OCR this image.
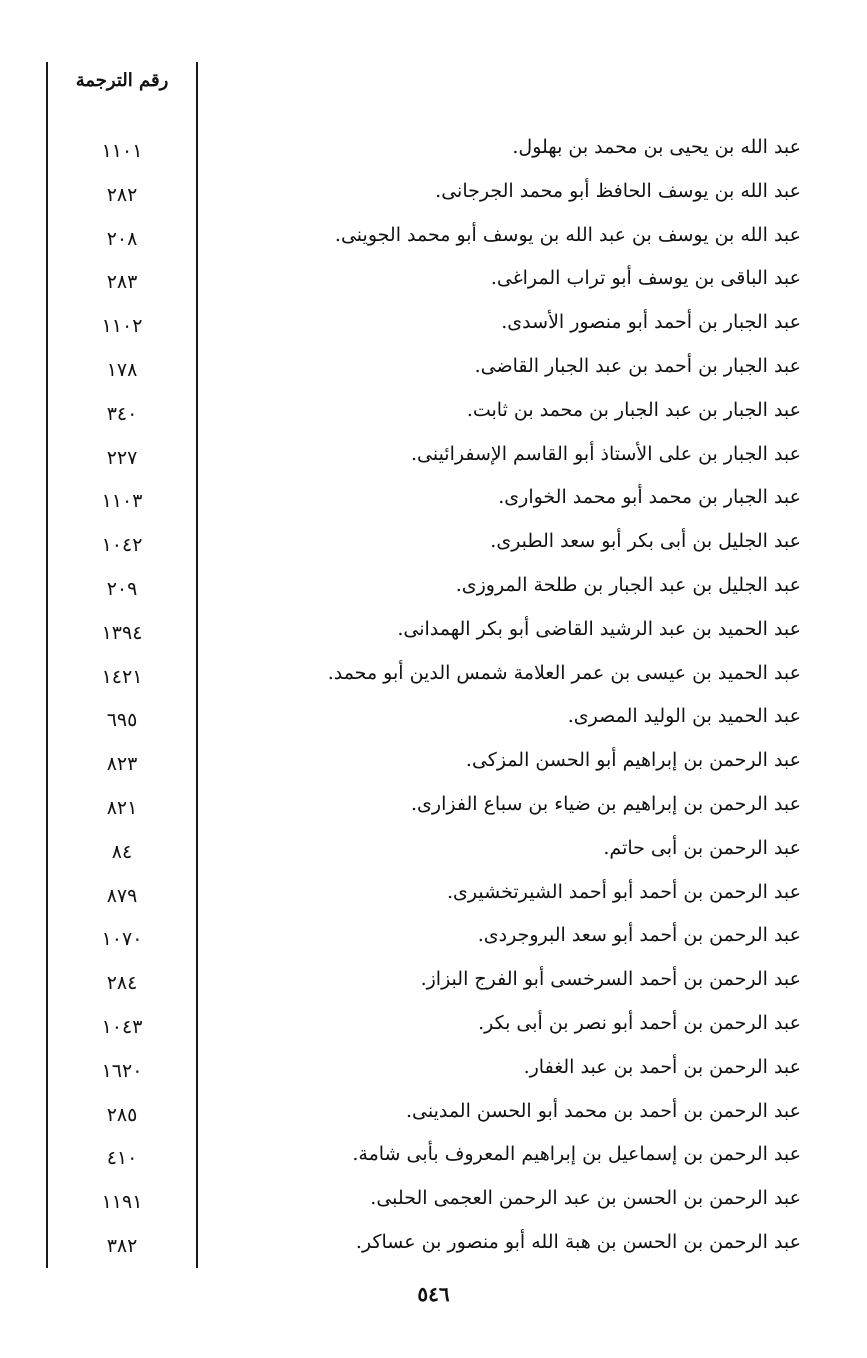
رقم الترجمة
١١٠١	عبد الله بن يحيى بن محمد بن بهلول.
٢٨٢	عبد الله بن يوسف الحافظ أبو محمد الجرجانى.
٢٠٨	عبد الله بن يوسف بن عبد الله بن يوسف أبو محمد الجوينى.
٢٨٣	عبد الباقى بن يوسف أبو تراب المراغى.
١١٠٢	عبد الجبار بن أحمد أبو منصور الأسدى.
١٧٨	عبد الجبار بن أحمد بن عبد الجبار القاضى.
٣٤٠	عبد الجبار بن عبد الجبار بن محمد بن ثابت.
٢٢٧	عبد الجبار بن على الأستاذ أبو القاسم الإسفرائينى.
١١٠٣	عبد الجبار بن محمد أبو محمد الخوارى.
١٠٤٢	عبد الجليل بن أبى بكر أبو سعد الطبرى.
٢٠٩	عبد الجليل بن عبد الجبار بن طلحة المروزى.
١٣٩٤	عبد الحميد بن عبد الرشيد القاضى أبو بكر الهمدانى.
١٤٢١	عبد الحميد بن عيسى بن عمر العلامة شمس الدين أبو محمد.
٦٩٥	عبد الحميد بن الوليد المصرى.
٨٢٣	عبد الرحمن بن إبراهيم أبو الحسن المزكى.
٨٢١	عبد الرحمن بن إبراهيم بن ضياء بن سباع الفزارى.
٨٤	عبد الرحمن بن أبى حاتم.
٨٧٩	عبد الرحمن بن أحمد أبو أحمد الشيرتخشيرى.
١٠٧٠	عبد الرحمن بن أحمد أبو سعد البروجردى.
٢٨٤	عبد الرحمن بن أحمد السرخسى أبو الفرج البزاز.
١٠٤٣	عبد الرحمن بن أحمد أبو نصر بن أبى بكر.
١٦٢٠	عبد الرحمن بن أحمد بن عبد الغفار.
٢٨٥	عبد الرحمن بن أحمد بن محمد أبو الحسن المدينى.
٤١٠	عبد الرحمن بن إسماعيل بن إبراهيم المعروف بأبى شامة.
١١٩١	عبد الرحمن بن الحسن بن عبد الرحمن العجمى الحلبى.
٣٨٢	عبد الرحمن بن الحسن بن هبة الله أبو منصور بن عساكر.
٥٤٦
